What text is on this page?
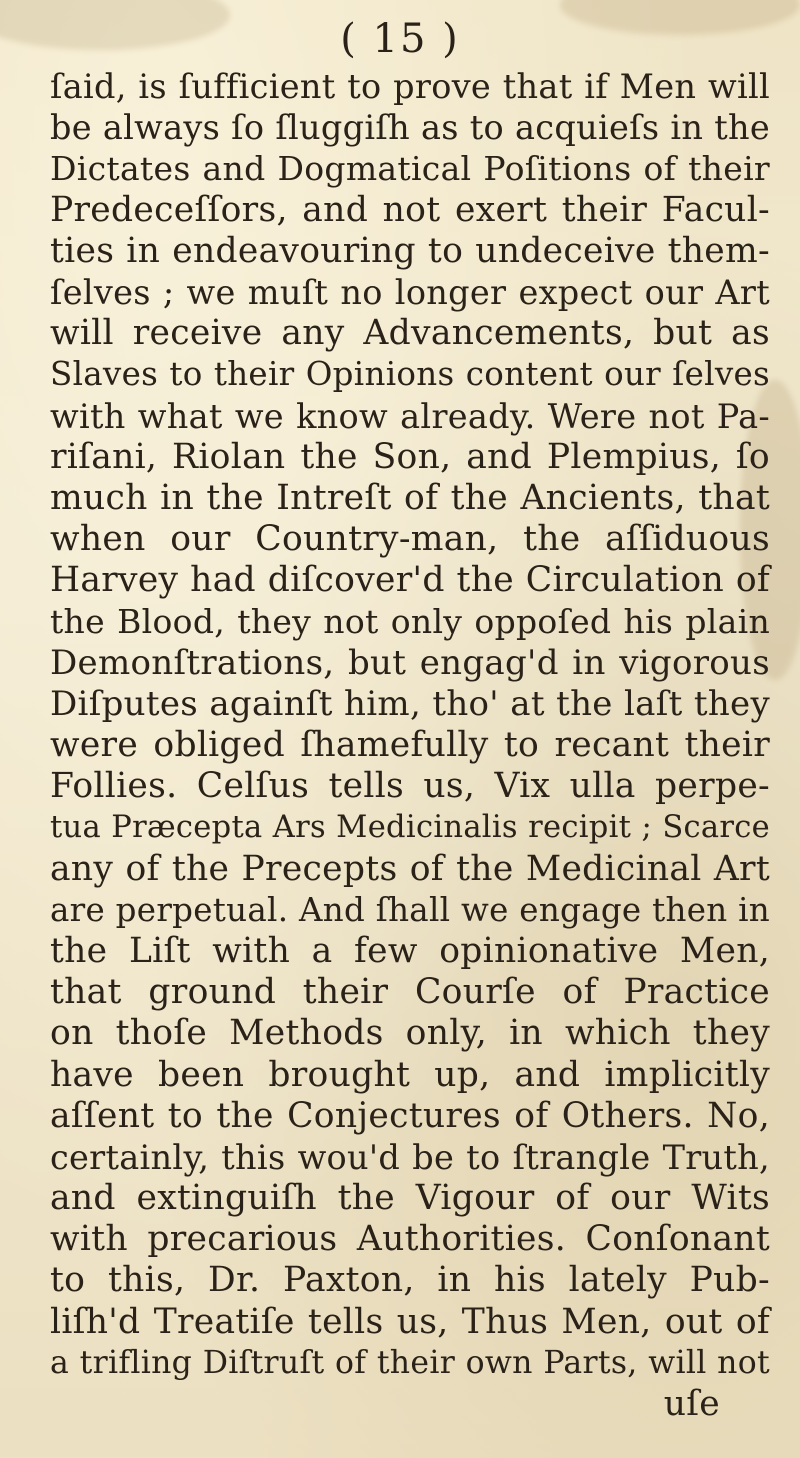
( 15 )
ſaid, is ſufficient to prove that if Men will
be always ſo ſluggiſh as to acquieſs in the
Dictates and Dogmatical Poſitions of their
Predeceſſors, and not exert their Facul-
ties in endeavouring to undeceive them-
ſelves ; we muſt no longer expect our Art
will receive any Advancements, but as
Slaves to their Opinions content our ſelves
with what we know already. Were not Pa-
riſani, Riolan the Son, and Plempius, ſo
much in the Intreſt of the Ancients, that
when our Country-man, the aſſiduous
Harvey had diſcover'd the Circulation of
the Blood, they not only oppoſed his plain
Demonſtrations, but engag'd in vigorous
Diſputes againſt him, tho' at the laſt they
were obliged ſhamefully to recant their
Follies. Celſus tells us, Vix ulla perpe-
tua Præcepta Ars Medicinalis recipit ; Scarce
any of the Precepts of the Medicinal Art
are perpetual. And ſhall we engage then in
the Liſt with a few opinionative Men,
that ground their Courſe of Practice
on thoſe Methods only, in which they
have been brought up, and implicitly
aſſent to the Conjectures of Others. No,
certainly, this wou'd be to ſtrangle Truth,
and extinguiſh the Vigour of our Wits
with precarious Authorities. Conſonant
to this, Dr. Paxton, in his lately Pub-
liſh'd Treatiſe tells us, Thus Men, out of
a trifling Diſtruſt of their own Parts, will not
uſe
